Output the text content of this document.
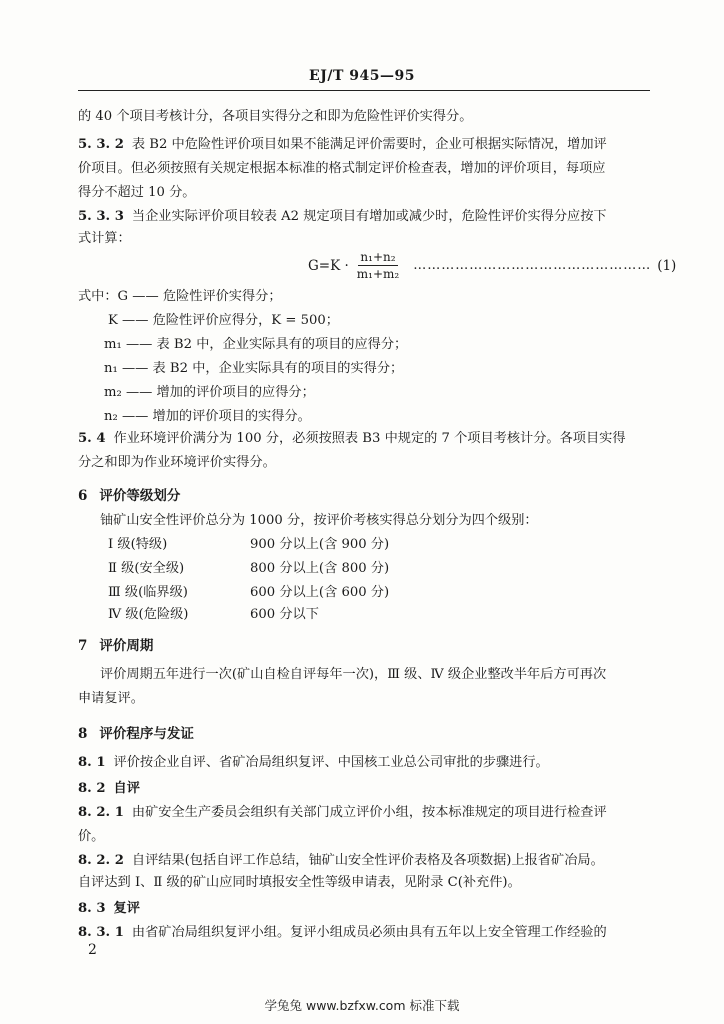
EJ/T 945—95
的 40 个项目考核计分，各项目实得分之和即为危险性评价实得分。
5. 3. 2 表 B2 中危险性评价项目如果不能满足评价需要时，企业可根据实际情况，增加评
价项目。但必须按照有关规定根据本标准的格式制定评价检查表，增加的评价项目，每项应
得分不超过 10 分。
5. 3. 3 当企业实际评价项目较表 A2 规定项目有增加或减少时，危险性评价实得分应按下
式计算：
$G=K \cdot \frac{\text{n₁+n₂}}{\text{m₁+m₂}}$ …………………………………………… (1)
式中：G —— 危险性评价实得分；
K —— 危险性评价应得分，K = 500；
m₁ —— 表 B2 中，企业实际具有的项目的应得分；
n₁ —— 表 B2 中，企业实际具有的项目的实得分；
m₂ —— 增加的评价项目的应得分；
n₂ —— 增加的评价项目的实得分。
5. 4 作业环境评价满分为 100 分，必须按照表 B3 中规定的 7 个项目考核计分。各项目实得
分之和即为作业环境评价实得分。
6 评价等级划分
铀矿山安全性评价总分为 1000 分，按评价考核实得总分划分为四个级别：
Ⅰ 级(特级)	900 分以上(含 900 分)
Ⅱ 级(安全级)	800 分以上(含 800 分)
Ⅲ 级(临界级)	600 分以上(含 600 分)
Ⅳ 级(危险级)	600 分以下
7 评价周期
评价周期五年进行一次(矿山自检自评每年一次)，Ⅲ 级、Ⅳ 级企业整改半年后方可再次
申请复评。
8 评价程序与发证
8. 1 评价按企业自评、省矿冶局组织复评、中国核工业总公司审批的步骤进行。
8. 2 自评
8. 2. 1 由矿安全生产委员会组织有关部门成立评价小组，按本标准规定的项目进行检查评
价。
8. 2. 2 自评结果(包括自评工作总结，铀矿山安全性评价表格及各项数据)上报省矿冶局。
自评达到 Ⅰ、Ⅱ 级的矿山应同时填报安全性等级申请表，见附录 C(补充件)。
8. 3 复评
8. 3. 1 由省矿冶局组织复评小组。复评小组成员必须由具有五年以上安全管理工作经验的
2
学兔兔 www.bzfxw.com 标准下载
